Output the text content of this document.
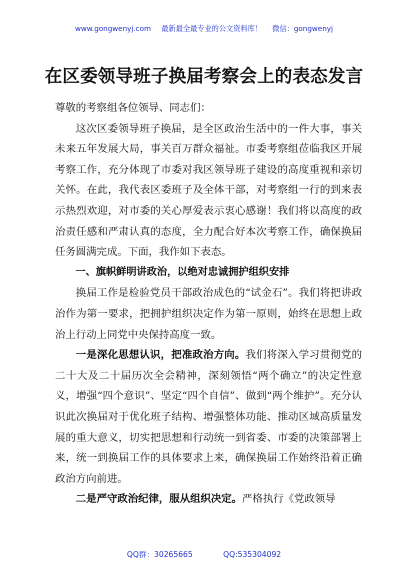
www.gongwenyj.com 最新最全最专业的公文资料库！ 微信：gongwenyj
在区委领导班子换届考察会上的表态发言

尊敬的考察组各位领导、同志们：

这次区委领导班子换届，是全区政治生活中的一件大事，事关未来五年发展大局，事关百万群众福祉。市委考察组莅临我区开展考察工作，充分体现了市委对我区领导班子建设的高度重视和亲切关怀。在此，我代表区委班子及全体干部，对考察组一行的到来表示热烈欢迎，对市委的关心厚爱表示衷心感谢！我们将以高度的政治责任感和严肃认真的态度，全力配合好本次考察工作，确保换届任务圆满完成。下面，我作如下表态。

一、旗帜鲜明讲政治，以绝对忠诚拥护组织安排

换届工作是检验党员干部政治成色的“试金石”。我们将把讲政治作为第一要求，把拥护组织决定作为第一原则，始终在思想上政治上行动上同党中央保持高度一致。

一是深化思想认识，把准政治方向。我们将深入学习贯彻党的二十大及二十届历次全会精神，深刻领悟“两个确立”的决定性意义，增强“四个意识”、坚定“四个自信”、做到“两个维护”。充分认识此次换届对于优化班子结构、增强整体功能、推动区域高质量发展的重大意义，切实把思想和行动统一到省委、市委的决策部署上来，统一到换届工作的具体要求上来，确保换届工作始终沿着正确政治方向前进。

二是严守政治纪律，服从组织决定。严格执行《党政领导

QQ群：30265665	QQ:535304092
